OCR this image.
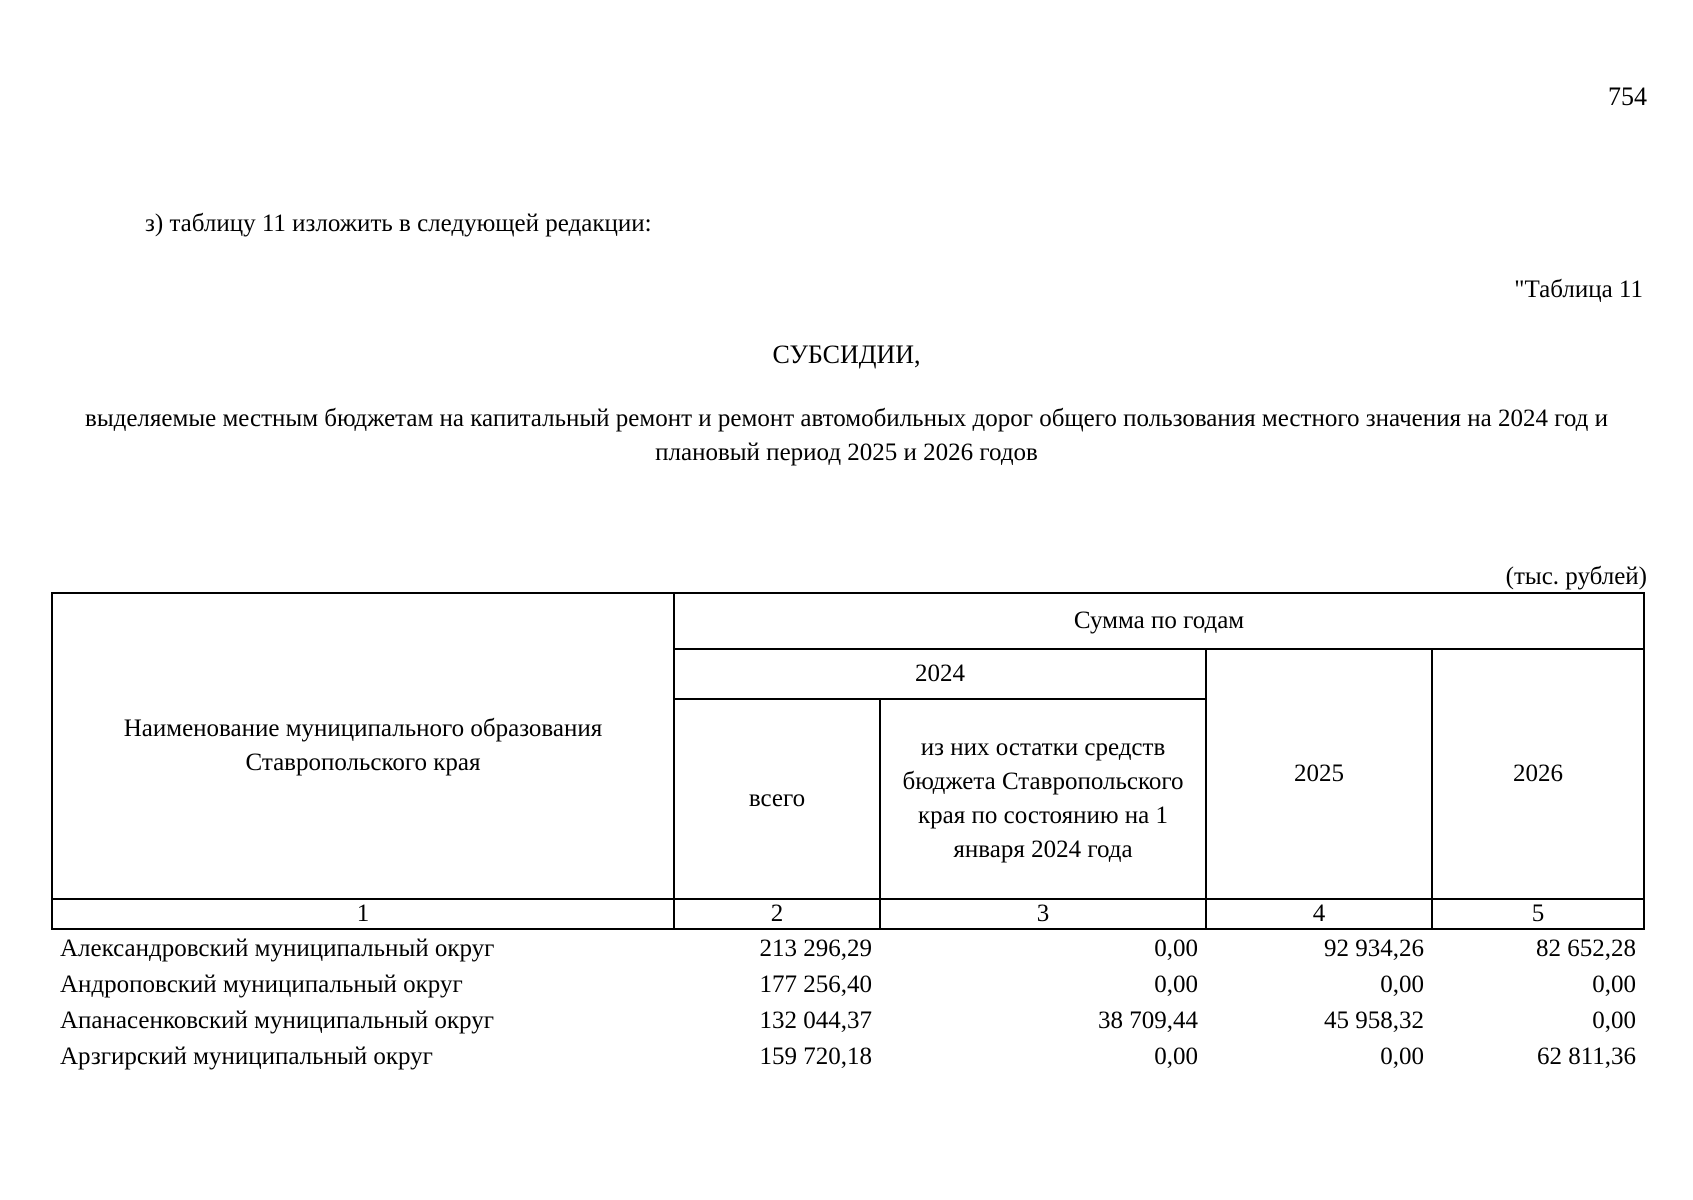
754
з) таблицу 11 изложить в следующей редакции:
"Таблица 11
СУБСИДИИ,
выделяемые местным бюджетам на капитальный ремонт и ремонт автомобильных дорог общего пользования местного значения на 2024 год и плановый период 2025 и 2026 годов
(тыс. рублей)
Наименование муниципального образования Ставропольского края	Сумма по годам			
	2024		2025	2026
	всего	из них остатки средств бюджета Ставропольского края по состоянию на 1 января 2024 года		
1	2	3	4	5
Александровский муниципальный округ	213 296,29	0,00	92 934,26	82 652,28
Андроповский муниципальный округ	177 256,40	0,00	0,00	0,00
Апанасенковский муниципальный округ	132 044,37	38 709,44	45 958,32	0,00
Арзгирский муниципальный округ	159 720,18	0,00	0,00	62 811,36
